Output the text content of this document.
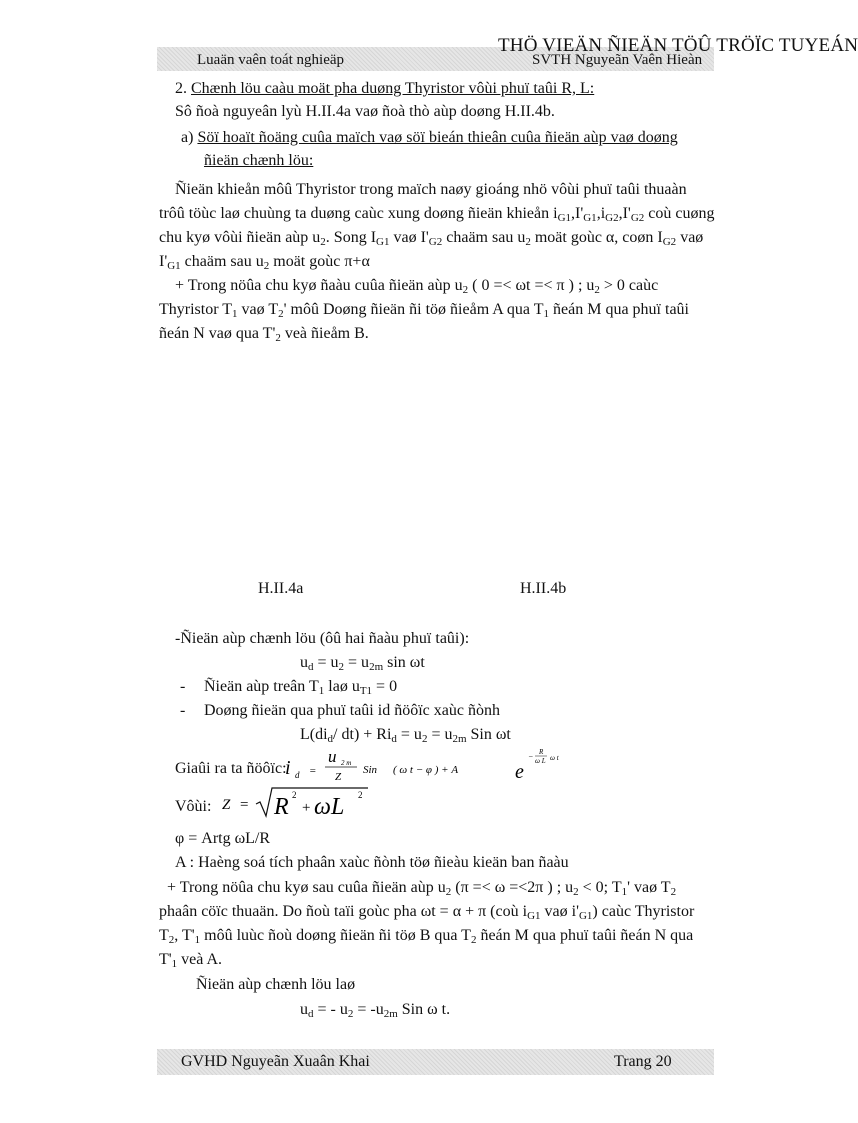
THÖ VIEÄN ÑIEÄN TÖÛ TRÖÏC TUYEÁN
Luaän vaên toát nghieäp	SVTH Nguyeãn Vaên Hieàn
2. Chænh löu caàu moät pha duøng Thyristor vôùi phuï taûi R, L:
Sô ñoà nguyeân lyù H.II.4a vaø ñoà thò aùp doøng H.II.4b.
a) Söï hoaït ñoäng cuûa maïch vaø söï bieán thieân cuûa ñieän aùp vaø doøng
ñieän chænh löu:
Ñieän khieån môû Thyristor trong maïch naøy gioáng nhö vôùi phuï taûi thuaàn
trôû töùc laø chuùng ta duøng caùc xung doøng ñieän khieån $i_{G1},I'_{G1},i_{G2},I'_{G2}$ coù cuøng
chu kyø vôùi ñieän aùp $u_2$. Song $I_{G1}$ vaø $I'_{G2}$ chaäm sau $u_2$ moät goùc α, coøn $I_{G2}$ vaø
$I'_{G1}$ chaäm sau $u_2$ moät goùc π+α
+ Trong nöûa chu kyø ñaàu cuûa ñieän aùp $u_2$ ( 0 =< ωt =< π ) ; $u_2 > 0$ caùc
Thyristor $T_1$ vaø $T_2'$ môû Doøng ñieän ñi töø ñieåm A qua $T_1$ ñeán M qua phuï taûi
ñeán N vaø qua $T'_2$ veà ñieåm B.
H.II.4a	H.II.4b
-Ñieän aùp chænh löu (ôû hai ñaàu phuï taûi):
$u_d = u_2 = u_{2m}$ sin ωt
- Ñieän aùp treân $T_1$ laø $u_{T1} = 0$
- Doøng ñieän qua phuï taûi id ñöôïc xaùc ñònh
$L(di_d/$ $dt) + Ri_d = u_2 = u_{2m}$ Sin ωt
Giaûi ra ta ñöôïc:
i d =
u 2 m
Z
Sin ( ω t − φ ) + A	e
− R
ω L ω t
Vôùi: Z = R 2
+ ωL 2
φ = Artg ωL/R
A : Haèng soá tích phaân xaùc ñònh töø ñieàu kieän ban ñaàu
+ Trong nöûa chu kyø sau cuûa ñieän aùp $u_2$ (π =< ω =<2π ) ; $u_2 < 0$; $T_1'$ vaø $T_2$
phaân cöïc thuaän. Do ñoù taïi goùc pha ωt = α + π (coù $i_{G1}$ vaø $i'_{G1}$) caùc Thyristor
$T_2$, $T'_1$ môû luùc ñoù doøng ñieän ñi töø B qua $T_2$ ñeán M qua phuï taûi ñeán N qua
$T'_1$ veà A.
Ñieän aùp chænh löu laø
$u_d$ = - $u_2 = -u_{2m}$ Sin ω t.
GVHD Nguyeãn Xuaân Khai	Trang 20
